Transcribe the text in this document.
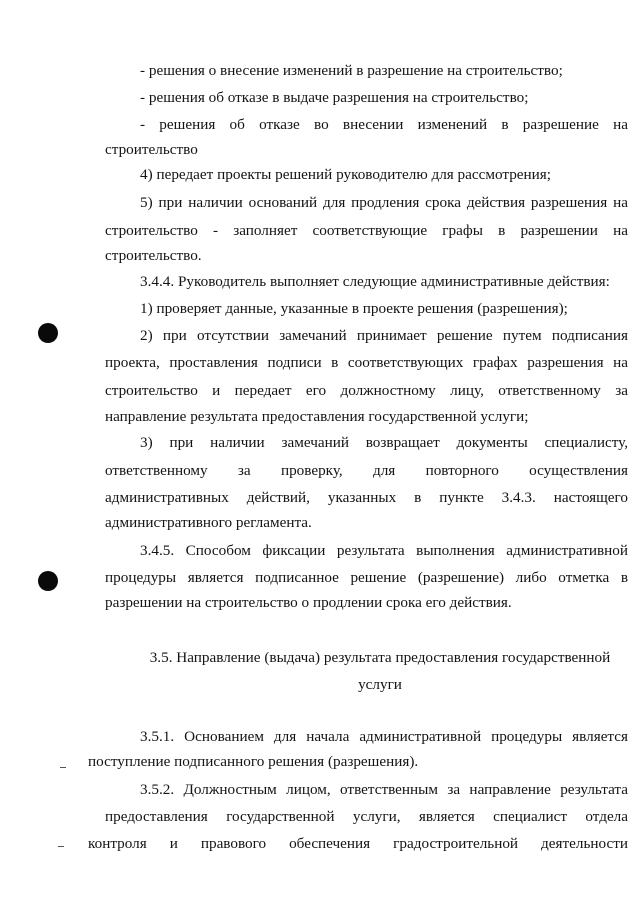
- решения о внесение изменений в разрешение на строительство;
- решения об отказе в выдаче разрешения на строительство;
- решения об отказе во внесении изменений в разрешение на
строительство
4) передает проекты решений руководителю для рассмотрения;
5) при наличии оснований для продления срока действия разрешения на
строительство - заполняет соответствующие графы в разрешении на
строительство.
3.4.4. Руководитель выполняет следующие административные действия:
1) проверяет данные, указанные в проекте решения (разрешения);
2) при отсутствии замечаний принимает решение путем подписания
проекта, проставления подписи в соответствующих графах разрешения на
строительство и передает его должностному лицу, ответственному за
направление результата предоставления государственной услуги;
3) при наличии замечаний возвращает документы специалисту,
ответственному за проверку, для повторного осуществления
административных действий, указанных в пункте 3.4.3. настоящего
административного регламента.
3.4.5. Способом фиксации результата выполнения административной
процедуры является подписанное решение (разрешение) либо отметка в
разрешении на строительство о продлении срока его действия.
3.5. Направление (выдача) результата предоставления государственной
услуги
3.5.1. Основанием для начала административной процедуры является
поступление подписанного решения (разрешения).
3.5.2. Должностным лицом, ответственным за направление результата
предоставления государственной услуги, является специалист отдела
контроля и правового обеспечения градостроительной деятельности
